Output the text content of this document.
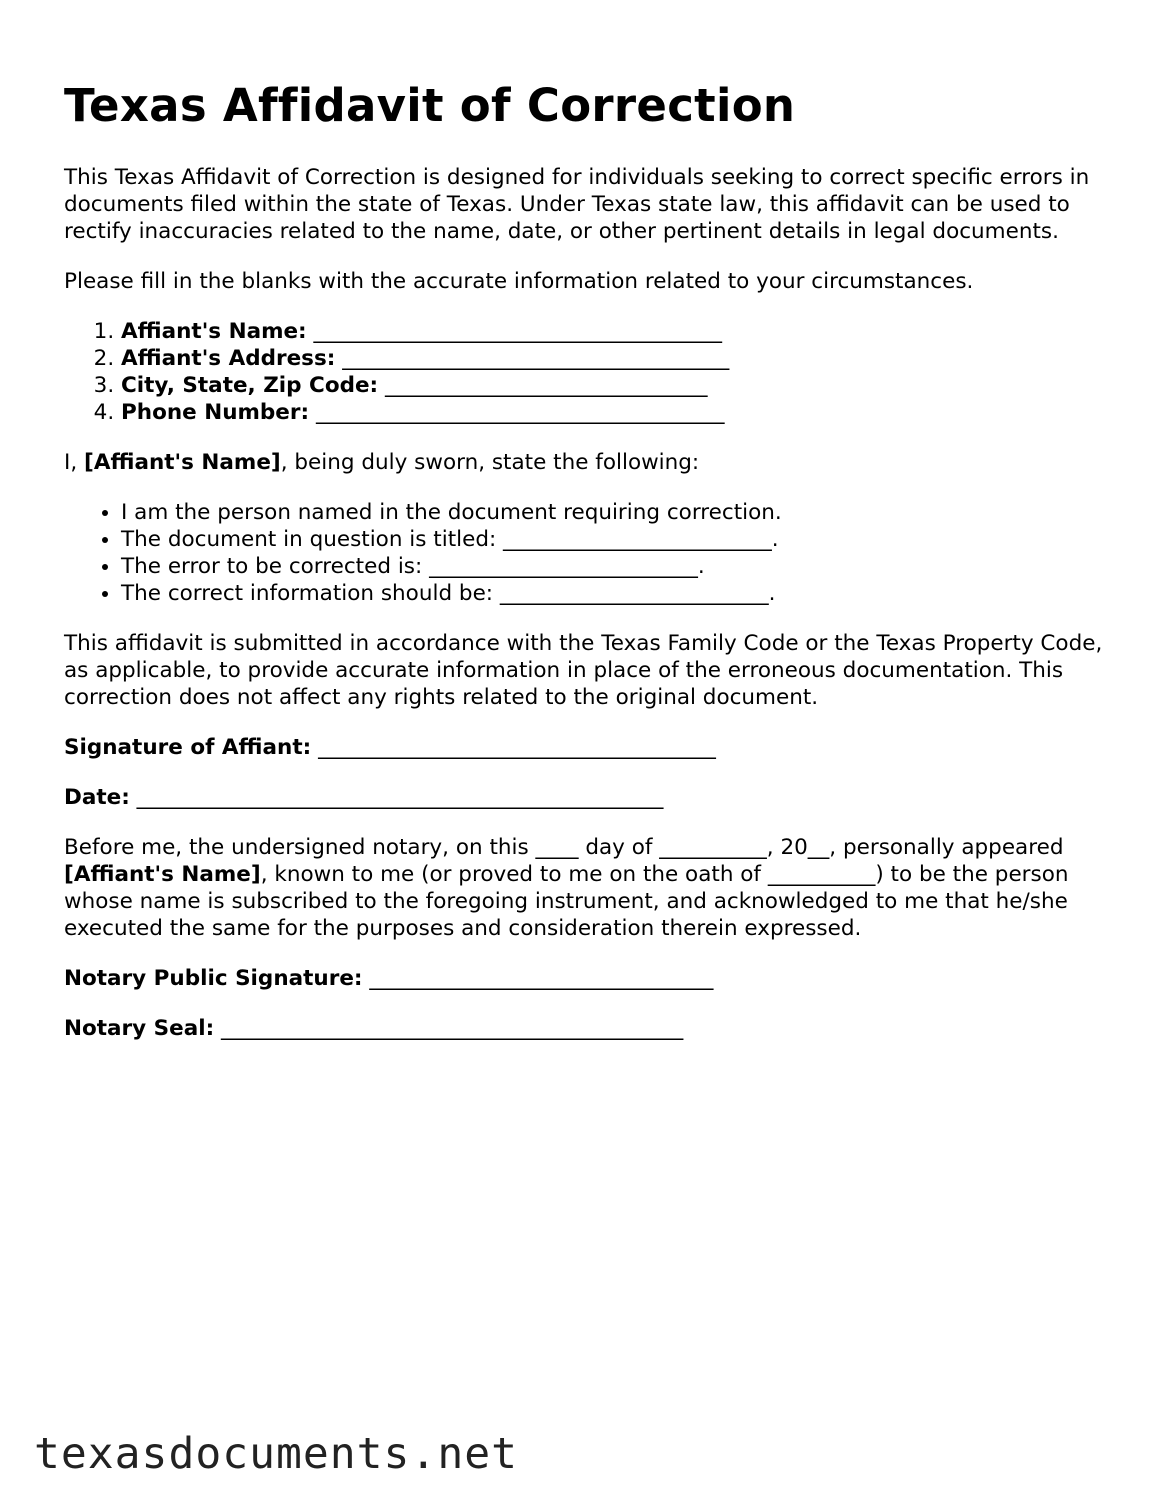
Texas Affidavit of Correction

This Texas Affidavit of Correction is designed for individuals seeking to correct specific errors in documents filed within the state of Texas. Under Texas state law, this affidavit can be used to rectify inaccuracies related to the name, date, or other pertinent details in legal documents.

Please fill in the blanks with the accurate information related to your circumstances.

1. Affiant's Name: ______________________________________
2. Affiant's Address: ____________________________________
3. City, State, Zip Code: ______________________________
4. Phone Number: ______________________________________

I, [Affiant's Name], being duly sworn, state the following:

• I am the person named in the document requiring correction.
• The document in question is titled: _________________________.
• The error to be corrected is: _________________________.
• The correct information should be: _________________________.

This affidavit is submitted in accordance with the Texas Family Code or the Texas Property Code, as applicable, to provide accurate information in place of the erroneous documentation. This correction does not affect any rights related to the original document.

Signature of Affiant: _____________________________________

Date: _________________________________________________

Before me, the undersigned notary, on this ____ day of __________, 20__, personally appeared [Affiant's Name], known to me (or proved to me on the oath of __________) to be the person whose name is subscribed to the foregoing instrument, and acknowledged to me that he/she executed the same for the purposes and consideration therein expressed.

Notary Public Signature: ________________________________

Notary Seal: ___________________________________________

texasdocuments.net
